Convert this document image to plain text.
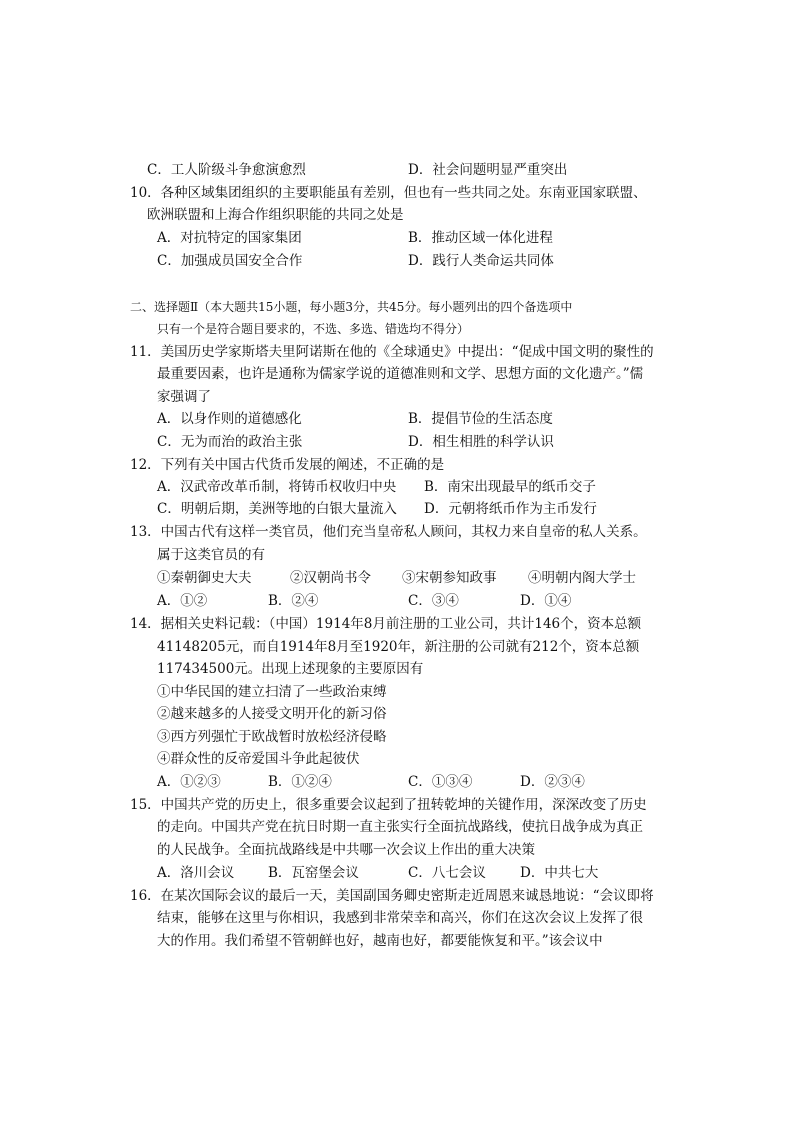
C．工人阶级斗争愈演愈烈	D．社会问题明显严重突出
10．各种区域集团组织的主要职能虽有差别，但也有一些共同之处。东南亚国家联盟、
欧洲联盟和上海合作组织职能的共同之处是
A．对抗特定的国家集团	B．推动区域一体化进程
C．加强成员国安全合作	D．践行人类命运共同体
二、选择题Ⅱ（本大题共15小题，每小题3分，共45分。每小题列出的四个备选项中
只有一个是符合题目要求的，不选、多选、错选均不得分）
11．美国历史学家斯塔夫里阿诺斯在他的《全球通史》中提出：“促成中国文明的聚性的
最重要因素，也许是通称为儒家学说的道德准则和文学、思想方面的文化遗产。”儒
家强调了
A．以身作则的道德感化	B．提倡节俭的生活态度
C．无为而治的政治主张	D．相生相胜的科学认识
12．下列有关中国古代货币发展的阐述，不正确的是
A．汉武帝改革币制，将铸币权收归中央 B．南宋出现最早的纸币交子
C．明朝后期，美洲等地的白银大量流入 D．元朝将纸币作为主币发行
13．中国古代有这样一类官员，他们充当皇帝私人顾问，其权力来自皇帝的私人关系。
属于这类官员的有
①秦朝御史大夫	②汉朝尚书令 ③宋朝参知政事 ④明朝内阁大学士
A．①②	B．②④	C．③④	D．①④
14．据相关史料记载：（中国）1914年8月前注册的工业公司，共计146个，资本总额
41148205元，而自1914年8月至1920年，新注册的公司就有212个，资本总额
117434500元。出现上述现象的主要原因有
①中华民国的建立扫清了一些政治束缚
②越来越多的人接受文明开化的新习俗
③西方列强忙于欧战暂时放松经济侵略
④群众性的反帝爱国斗争此起彼伏
A．①②③	B．①②④	C．①③④	D．②③④
15．中国共产党的历史上，很多重要会议起到了扭转乾坤的关键作用，深深改变了历史
的走向。中国共产党在抗日时期一直主张实行全面抗战路线，使抗日战争成为真正
的人民战争。全面抗战路线是中共哪一次会议上作出的重大决策
A．洛川会议	B．瓦窑堡会议	C．八七会议	D．中共七大
16．在某次国际会议的最后一天，美国副国务卿史密斯走近周恩来诚恳地说：“会议即将
结束，能够在这里与你相识，我感到非常荣幸和高兴，你们在这次会议上发挥了很
大的作用。我们希望不管朝鲜也好，越南也好，都要能恢复和平。”该会议中
